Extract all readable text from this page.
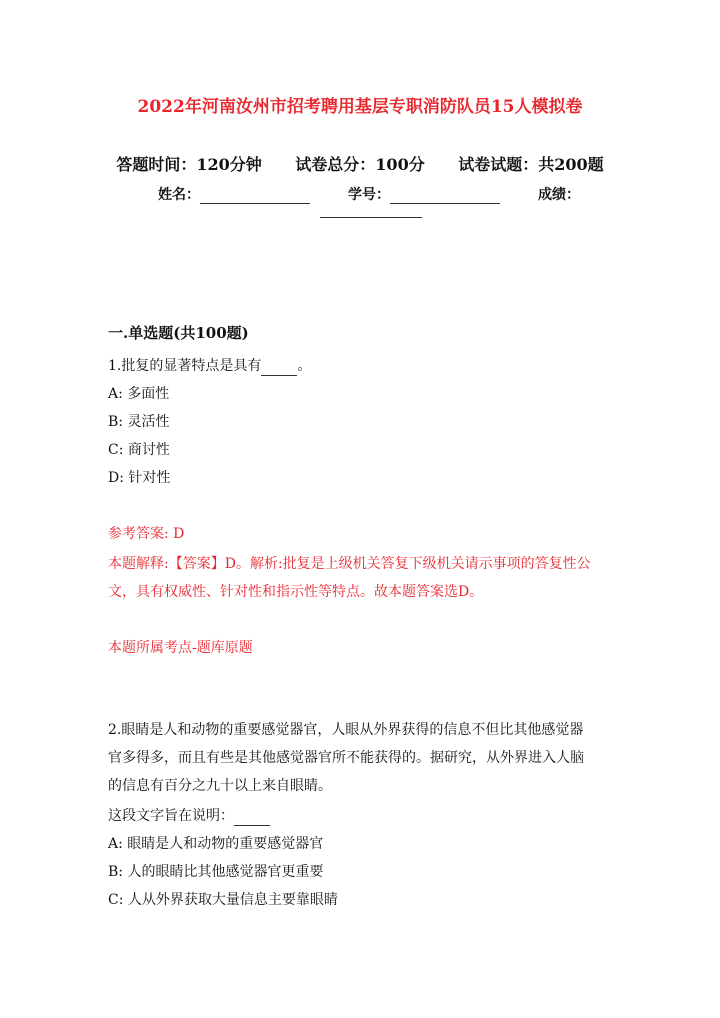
2022年河南汝州市招考聘用基层专职消防队员15人模拟卷
答题时间：120分钟 试卷总分：100分 试卷试题：共200题
姓名：	学号：	成绩：
一.单选题(共100题)
1.批复的显著特点是具有	。
A: 多面性
B: 灵活性
C: 商讨性
D: 针对性
参考答案: D
本题解释:【答案】D。解析:批复是上级机关答复下级机关请示事项的答复性公
文，具有权威性、针对性和指示性等特点。故本题答案选D。
本题所属考点-题库原题
2.眼睛是人和动物的重要感觉器官，人眼从外界获得的信息不但比其他感觉器
官多得多，而且有些是其他感觉器官所不能获得的。据研究，从外界进入人脑
的信息有百分之九十以上来自眼睛。
这段文字旨在说明：
A: 眼睛是人和动物的重要感觉器官
B: 人的眼睛比其他感觉器官更重要
C: 人从外界获取大量信息主要靠眼睛
